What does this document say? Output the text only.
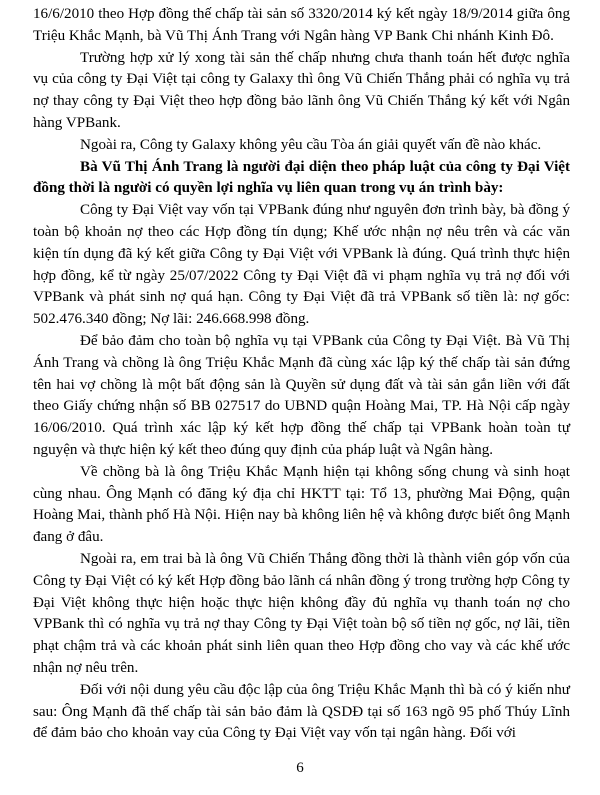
16/6/2010 theo Hợp đồng thế chấp tài sản số 3320/2014 ký kết ngày 18/9/2014 giữa ông Triệu Khắc Mạnh, bà Vũ Thị Ánh Trang với Ngân hàng VP Bank Chi nhánh Kinh Đô.

Trường hợp xử lý xong tài sản thế chấp nhưng chưa thanh toán hết được nghĩa vụ của công ty Đại Việt tại công ty Galaxy thì ông Vũ Chiến Thắng phải có nghĩa vụ trả nợ thay công ty Đại Việt theo hợp đồng bảo lãnh ông Vũ Chiến Thắng ký kết với Ngân hàng VPBank.

Ngoài ra, Công ty Galaxy không yêu cầu Tòa án giải quyết vấn đề nào khác.

Bà Vũ Thị Ánh Trang là người đại diện theo pháp luật của công ty Đại Việt đồng thời là người có quyền lợi nghĩa vụ liên quan trong vụ án trình bày:

Công ty Đại Việt vay vốn tại VPBank đúng như nguyên đơn trình bày, bà đồng ý toàn bộ khoản nợ theo các Hợp đồng tín dụng; Khế ước nhận nợ nêu trên và các văn kiện tín dụng đã ký kết giữa Công ty Đại Việt với VPBank là đúng. Quá trình thực hiện hợp đồng, kể từ ngày 25/07/2022 Công ty Đại Việt đã vi phạm nghĩa vụ trả nợ đối với VPBank và phát sinh nợ quá hạn. Công ty Đại Việt đã trả VPBank số tiền là: nợ gốc: 502.476.340 đồng; Nợ lãi: 246.668.998 đồng.

Để bảo đảm cho toàn bộ nghĩa vụ tại VPBank của Công ty Đại Việt. Bà Vũ Thị Ánh Trang và chồng là ông Triệu Khắc Mạnh đã cùng xác lập ký thế chấp tài sản đứng tên hai vợ chồng là một bất động sản là Quyền sử dụng đất và tài sản gắn liền với đất theo Giấy chứng nhận số BB 027517 do UBND quận Hoàng Mai, TP. Hà Nội cấp ngày 16/06/2010. Quá trình xác lập ký kết hợp đồng thế chấp tại VPBank hoàn toàn tự nguyện và thực hiện ký kết theo đúng quy định của pháp luật và Ngân hàng.

Về chồng bà là ông Triệu Khắc Mạnh hiện tại không sống chung và sinh hoạt cùng nhau. Ông Mạnh có đăng ký địa chỉ HKTT tại: Tổ 13, phường Mai Động, quận Hoàng Mai, thành phố Hà Nội. Hiện nay bà không liên hệ và không được biết ông Mạnh đang ở đâu.

Ngoài ra, em trai bà là ông Vũ Chiến Thắng đồng thời là thành viên góp vốn của Công ty Đại Việt có ký kết Hợp đồng bảo lãnh cá nhân đồng ý trong trường hợp Công ty Đại Việt không thực hiện hoặc thực hiện không đầy đủ nghĩa vụ thanh toán nợ cho VPBank thì có nghĩa vụ trả nợ thay Công ty Đại Việt toàn bộ số tiền nợ gốc, nợ lãi, tiền phạt chậm trả và các khoản phát sinh liên quan theo Hợp đồng cho vay và các khế ước nhận nợ nêu trên.

Đối với nội dung yêu cầu độc lập của ông Triệu Khắc Mạnh thì bà có ý kiến như sau: Ông Mạnh đã thế chấp tài sản bảo đảm là QSDĐ tại số 163 ngõ 95 phố Thúy Lĩnh để đảm bảo cho khoản vay của Công ty Đại Việt vay vốn tại ngân hàng. Đối với

6
